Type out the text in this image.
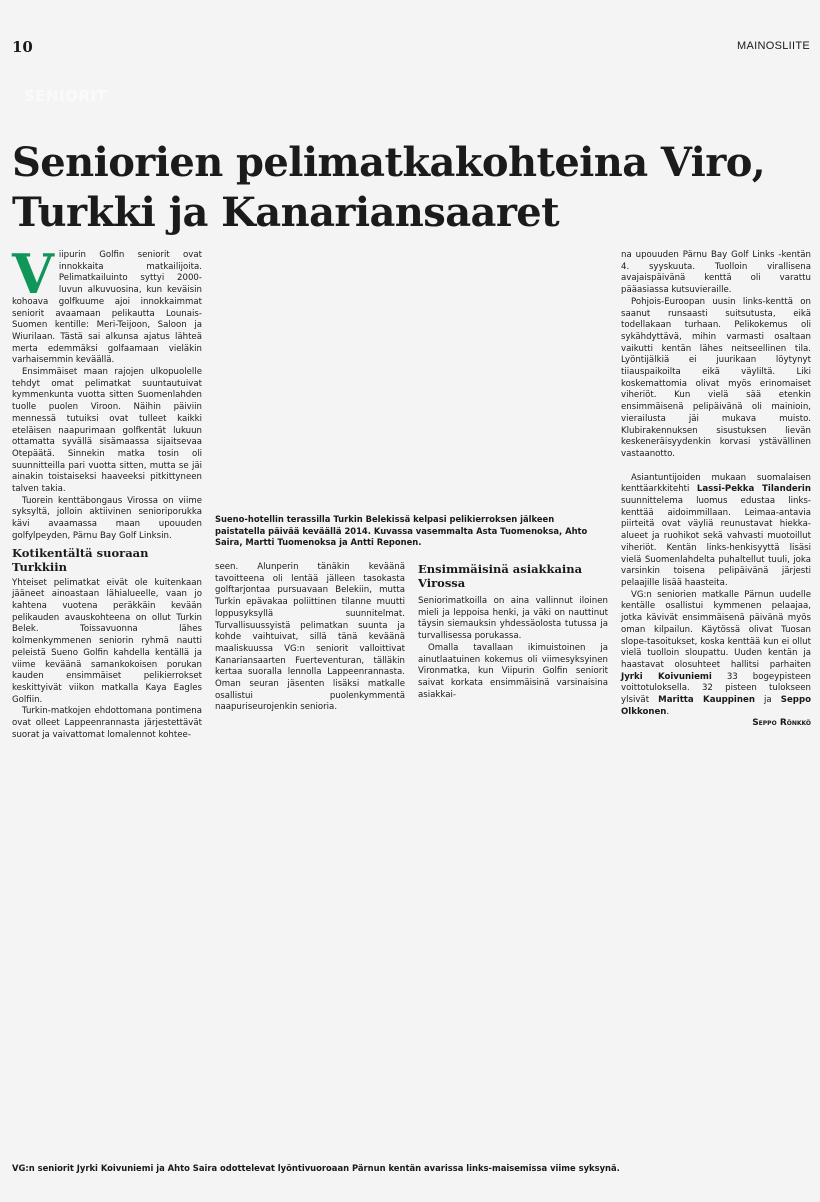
10	MAINOSLIITE
SENIORIT
Seniorien pelimatkakohteina Viro, Turkki ja Kanariansaaret

Viipurin Golfin seniorit ovat innokkaita matkailijoita. Pelimatkailuinto syttyi 2000-luvun alkuvuosina, kun keväisin kohoava golfkuume ajoi innokkaimmat seniorit avaamaan pelikautta Lounais-Suomen kentille: Meri-Teijoon, Saloon ja Wiurilaan. Tästä sai alkunsa ajatus lähteä merta edemmäksi golfaamaan vieläkin varhaisemmin keväällä.

Ensimmäiset maan rajojen ulkopuolelle tehdyt omat pelimatkat suuntautuivat kymmenkunta vuotta sitten Suomenlahden tuolle puolen Viroon. Näihin päiviin mennessä tutuiksi ovat tulleet kaikki eteläisen naapurimaan golfkentät lukuun ottamatta syvällä sisämaassa sijaitsevaa Otepäätä. Sinnekin matka tosin oli suunnitteilla pari vuotta sitten, mutta se jäi ainakin toistaiseksi haaveeksi pitkittyneen talven takia.

Tuorein kenttäbongaus Virossa on viime syksyltä, jolloin aktiivinen senioriporukka kävi avaamassa maan upouuden golfylpeyden, Pärnu Bay Golf Linksin.

Kotikentältä suoraan Turkkiin

Yhteiset pelimatkat eivät ole kuitenkaan jääneet ainoastaan lähialueelle, vaan jo kahtena vuotena peräkkäin kevään pelikauden avauskohteena on ollut Turkin Belek. Toissavuonna lähes kolmenkymmenen seniorin ryhmä nautti peleistä Sueno Golfin kahdella kentällä ja viime keväänä samankokoisen porukan kauden ensimmäiset pelikierrokset keskittyivät viikon matkalla Kaya Eagles Golfiin.

Turkin-matkojen ehdottomana pontimena ovat olleet Lappeenrannasta järjestettävät suorat ja vaivattomat lomalennot kohtee-

Sueno-hotellin terassilla Turkin Belekissä kelpasi pelikierroksen jälkeen paistatella päivää keväällä 2014. Kuvassa vasemmalta Asta Tuomenoksa, Ahto Saira, Martti Tuomenoksa ja Antti Reponen.

seen. Alunperin tänäkin keväänä tavoitteena oli lentää jälleen tasokasta golftarjontaa pursuavaan Belekiin, mutta Turkin epävakaa poliittinen tilanne muutti loppusyksyllä suunnitelmat. Turvallisuussyistä pelimatkan suunta ja kohde vaihtuivat, sillä tänä keväänä maaliskuussa VG:n seniorit valloittivat Kanariansaarten Fuerteventuran, tälläkin kertaa suoralla lennolla Lappeenrannasta. Oman seuran jäsenten lisäksi matkalle osallistui puolenkymmentä naapuriseurojenkin senioria.

Ensimmäisinä asiakkaina Virossa

Seniorimatkoilla on aina vallinnut iloinen mieli ja leppoisa henki, ja väki on nauttinut täysin siemauksin yhdessäolosta tutussa ja turvallisessa porukassa.

Omalla tavallaan ikimuistoinen ja ainutlaatuinen kokemus oli viimesyksyinen Vironmatka, kun Viipurin Golfin seniorit saivat korkata ensimmäisinä varsinaisina asiakkai-

na upouuden Pärnu Bay Golf Links -kentän 4. syyskuuta. Tuolloin virallisena avajaispäivänä kenttä oli varattu pääasiassa kutsuvieraille.

Pohjois-Euroopan uusin links-kenttä on saanut runsaasti suitsutusta, eikä todellakaan turhaan. Pelikokemus oli sykähdyttävä, mihin varmasti osaltaan vaikutti kentän lähes neitseellinen tila. Lyöntijälkiä ei juurikaan löytynyt tiiauspaikoilta eikä väyliltä. Liki koskemattomia olivat myös erinomaiset viheriöt. Kun vielä sää etenkin ensimmäisenä pelipäivänä oli mainioin, vierailusta jäi mukava muisto. Klubirakennuksen sisustuksen lievän keskeneräisyydenkin korvasi ystävällinen vastaanotto.

Asiantuntijoiden mukaan suomalaisen kenttäarkkitehti Lassi-Pekka Tilanderin suunnittelema luomus edustaa links-kenttää aidoimmillaan. Leimaa-antavia piirteitä ovat väyliä reunustavat hiekka-alueet ja ruohikot sekä vahvasti muotoillut viheriöt. Kentän links-henkisyyttä lisäsi vielä Suomenlahdelta puhaltellut tuuli, joka varsinkin toisena pelipäivänä järjesti pelaajille lisää haasteita.

VG:n seniorien matkalle Pärnun uudelle kentälle osallistui kymmenen pelaajaa, jotka kävivät ensimmäisenä päivänä myös oman kilpailun. Käytössä olivat Tuosan slope-tasoitukset, koska kenttää kun ei ollut vielä tuolloin sloupattu. Uuden kentän ja haastavat olosuhteet hallitsi parhaiten Jyrki Koivuniemi 33 bogeypisteen voittotuloksella. 32 pisteen tulokseen ylsivät Maritta Kauppinen ja Seppo Olkkonen.

Seppo Rönkkö

VG:n seniorit Jyrki Koivuniemi ja Ahto Saira odottelevat lyöntivuoroaan Pärnun kentän avarissa links-maisemissa viime syksynä.
